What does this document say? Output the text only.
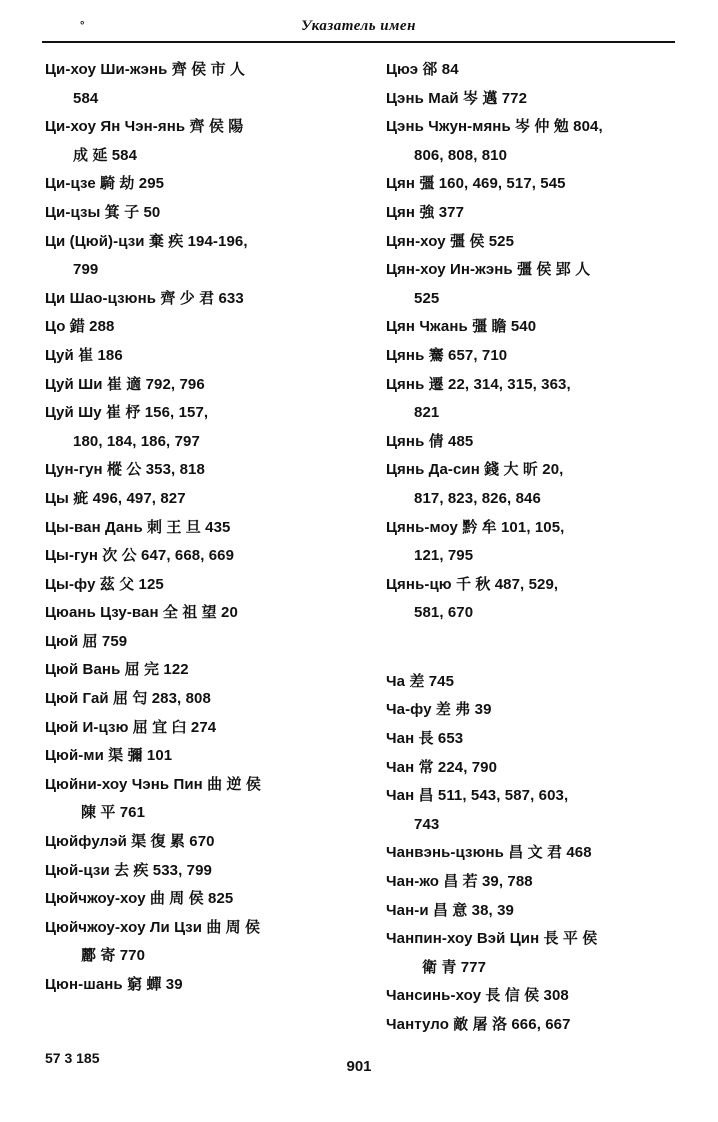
°	Указатель имен
Ци-хоу Ши-жэнь 齊 侯 市 人
584
Ци-хоу Ян Чэн-янь 齊 侯 陽
成 延 584
Ци-цзе 騎 劫 295
Ци-цзы 箕 子 50
Ци (Цюй)-цзи 棄 疾 194-196,
799
Ци Шао-цзюнь 齊 少 君 633
Цо 錯 288
Цуй 崔 186
Цуй Ши 崔 適 792, 796
Цуй Шу 崔 杼 156, 157,
180, 184, 186, 797
Цун-гун 樅 公 353, 818
Цы 疵 496, 497, 827
Цы-ван Дань 刺 王 旦 435
Цы-гун 次 公 647, 668, 669
Цы-фу 茲 父 125
Цюань Цзу-ван 全 祖 望 20
Цюй 屈 759
Цюй Вань 屈 完 122
Цюй Гай 屈 匄 283, 808
Цюй И-цзю 屈 宜 臼 274
Цюй-ми 渠 彌 101
Цюйни-хоу Чэнь Пин 曲 逆 侯
陳 平 761
Цюйфулэй 渠 復 累 670
Цюй-цзи 去 疾 533, 799
Цюйчжоу-хоу 曲 周 侯 825
Цюйчжоу-хоу Ли Цзи 曲 周 侯
酈 寄 770
Цюн-шань 窮 蟬 39
Цюэ 郤 84
Цэнь Май 岑 邁 772
Цэнь Чжун-мянь 岑 仲 勉 804,
806, 808, 810
Цян 彊 160, 469, 517, 545
Цян 強 377
Цян-хоу 彊 侯 525
Цян-хоу Ин-жэнь 彊 侯 郢 人
525
Цян Чжань 彊 瞻 540
Цянь 騫 657, 710
Цянь 遷 22, 314, 315, 363,
821
Цянь 倩 485
Цянь Да-син 錢 大 昕 20,
817, 823, 826, 846
Цянь-моу 黔 牟 101, 105,
121, 795
Цянь-цю 千 秋 487, 529,
581, 670
Ча 差 745
Ча-фу 差 弗 39
Чан 長 653
Чан 常 224, 790
Чан 昌 511, 543, 587, 603,
743
Чанвэнь-цзюнь 昌 文 君 468
Чан-жо 昌 若 39, 788
Чан-и 昌 意 38, 39
Чанпин-хоу Вэй Цин 長 平 侯
衛 青 777
Чансинь-хоу 長 信 侯 308
Чантуло 敵 屠 洛 666, 667
57 3 185	901
